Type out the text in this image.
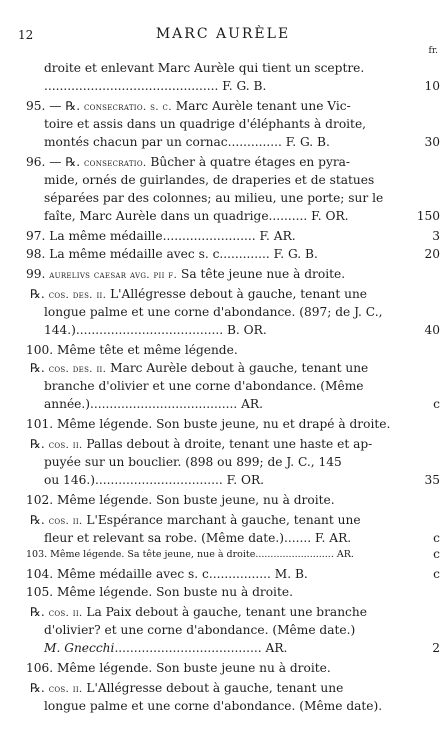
12	MARC AURÈLE
fr.
droite et enlevant Marc Aurèle qui tient un sceptre.
............................................. F. G. B.	10
95. — ℞. consecratio. s. c. Marc Aurèle tenant une Vic-
toire et assis dans un quadrige d'éléphants à droite,
montés chacun par un cornac.............. F. G. B.	30
96. — ℞. consecratio. Bûcher à quatre étages en pyra-
mide, ornés de guirlandes, de draperies et de statues
séparées par des colonnes; au milieu, une porte; sur le
faîte, Marc Aurèle dans un quadrige.......... F. OR.	150
97. La même médaille........................ F. AR.	3
98. La même médaille avec s. c............. F. G. B.	20
99. aurelivs caesar avg. pii f. Sa tête jeune nue à droite.
℞. cos. des. ii. L'Allégresse debout à gauche, tenant une
longue palme et une corne d'abondance. (897; de J. C.,
144.)...................................... B. OR.	40
100. Même tête et même légende.
℞. cos. des. ii. Marc Aurèle debout à gauche, tenant une
branche d'olivier et une corne d'abondance. (Même
année.)...................................... AR.	c
101. Même légende. Son buste jeune, nu et drapé à droite.
℞. cos. ii. Pallas debout à droite, tenant une haste et ap-
puyée sur un bouclier. (898 ou 899; de J. C., 145
ou 146.)................................. F. OR.	35
102. Même légende. Son buste jeune, nu à droite.
℞. cos. ii. L'Espérance marchant à gauche, tenant une
fleur et relevant sa robe. (Même date.)....... F. AR.	c
103. Même légende. Sa tête jeune, nue à droite.......................... AR.	c
104. Même médaille avec s. c................ M. B.	c
105. Même légende. Son buste nu à droite.
℞. cos. ii. La Paix debout à gauche, tenant une branche
d'olivier? et une corne d'abondance. (Même date.)
M. Gnecchi...................................... AR.	2
106. Même légende. Son buste jeune nu à droite.
℞. cos. ii. L'Allégresse debout à gauche, tenant une
longue palme et une corne d'abondance. (Même date).
